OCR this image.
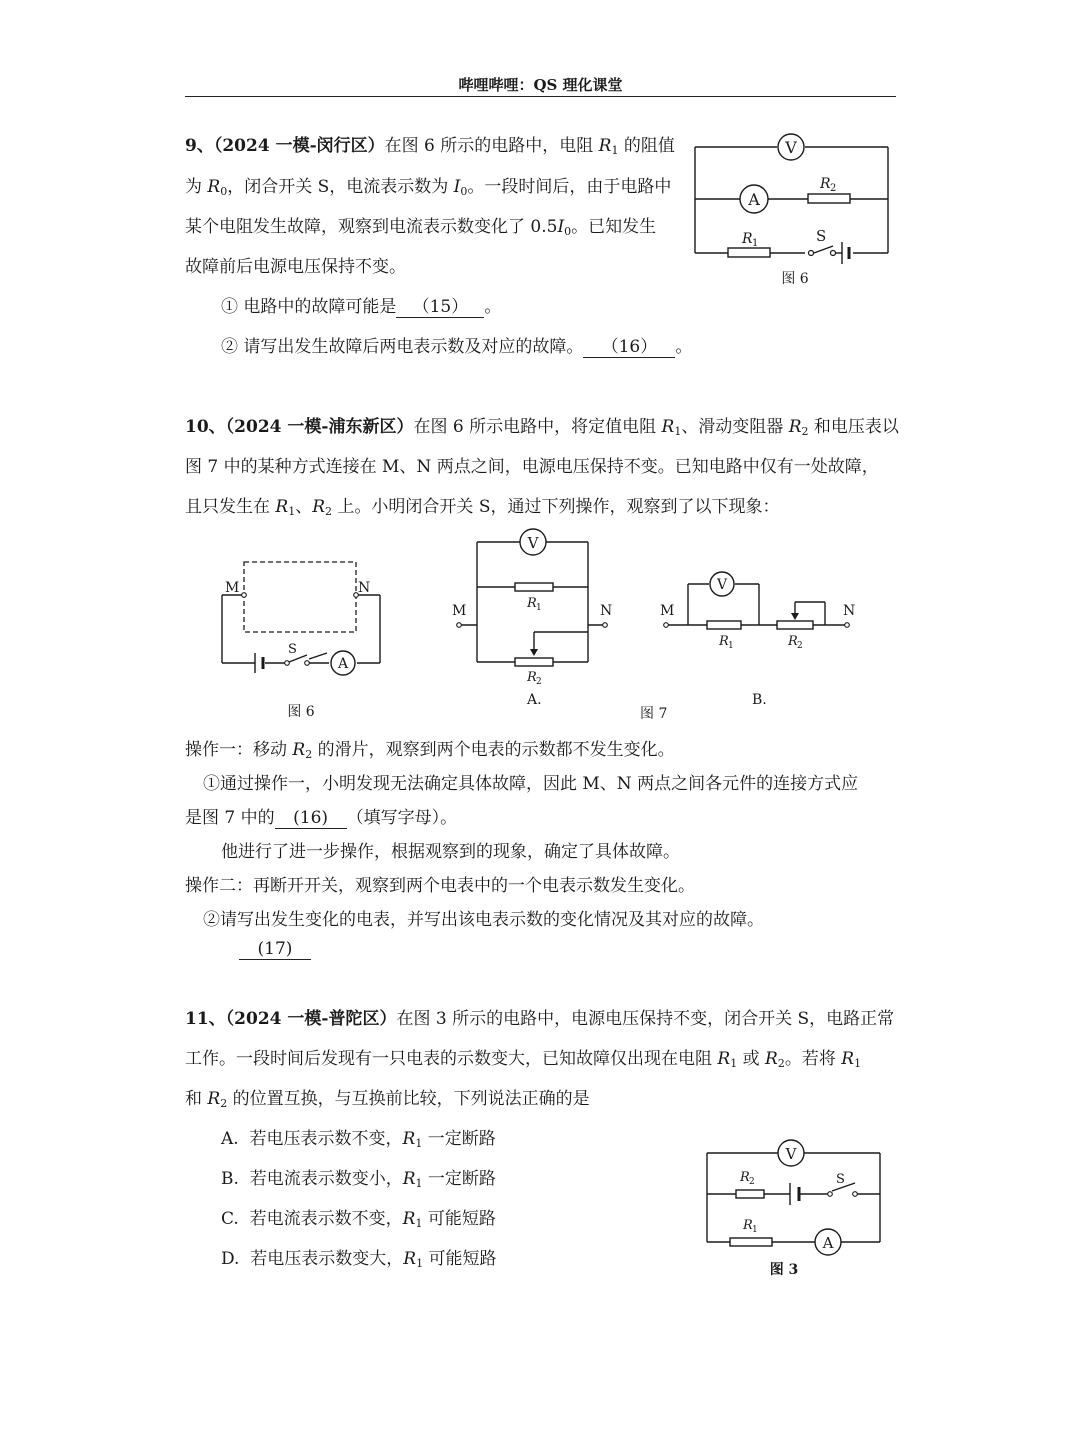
哔哩哔哩：QS 理化课堂
9、（2024 一模-闵行区）在图 6 所示的电路中，电阻 $R_1$ 的阻值
为 $R_0$，闭合开关 S，电流表示数为 $I_0$。一段时间后，由于电路中
某个电阻发生故障，观察到电流表示数变化了 $0.5I_0$。已知发生
故障前后电源电压保持不变。
① 电路中的故障可能是 （15） 。
② 请写出发生故障后两电表示数及对应的故障。 （16） 。
V
A
R 2
R 1	S
图 6
10、（2024 一模-浦东新区）在图 6 所示电路中，将定值电阻 $R_1$、滑动变阻器 $R_2$ 和电压表以
图 7 中的某种方式连接在 M、N 两点之间，电源电压保持不变。已知电路中仅有一处故障，
且只发生在 $R_1$、$R_2$ 上。小明闭合开关 S，通过下列操作，观察到了以下现象：
M	N
S
A
图 6
V
R 1
R 2
M	N
A.
图 7
V
R 1	R 2
M	N
B.
操作一：移动 $R_2$ 的滑片，观察到两个电表的示数都不发生变化。
①通过操作一，小明发现无法确定具体故障，因此 M、N 两点之间各元件的连接方式应
是图 7 中的 (16) （填写字母）。
他进行了进一步操作，根据观察到的现象，确定了具体故障。
操作二：再断开开关，观察到两个电表中的一个电表示数发生变化。
②请写出发生变化的电表，并写出该电表示数的变化情况及其对应的故障。
(17)
11、（2024 一模-普陀区）在图 3 所示的电路中，电源电压保持不变，闭合开关 S，电路正常
工作。一段时间后发现有一只电表的示数变大，已知故障仅出现在电阻 $R_1$ 或 $R_2$。若将 $R_1$
和 $R_2$ 的位置互换，与互换前比较，下列说法正确的是
A. 若电压表示数不变，$R_1$ 一定断路
B. 若电流表示数变小，$R_1$ 一定断路
C. 若电流表示数不变，$R_1$ 可能短路
D. 若电压表示数变大，$R_1$ 可能短路
V
R 2	S
R 1
A
图 3
